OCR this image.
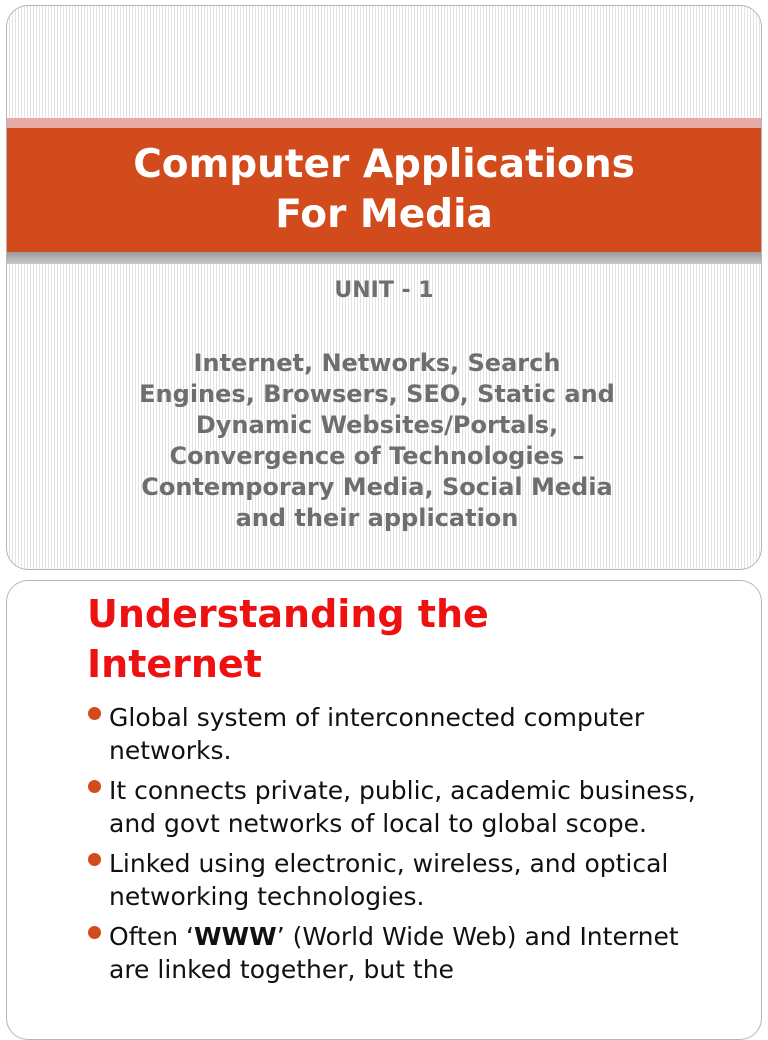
Computer Applications
For Media
UNIT - 1

Internet, Networks, Search
Engines, Browsers, SEO, Static and
Dynamic Websites/Portals,
Convergence of Technologies –
Contemporary Media, Social Media
and their application

Understanding the
Internet
Global system of interconnected computer networks.
It connects private, public, academic business, and govt networks of local to global scope.
Linked using electronic, wireless, and optical networking technologies.
Often ‘WWW’ (World Wide Web) and Internet are linked together, but the
